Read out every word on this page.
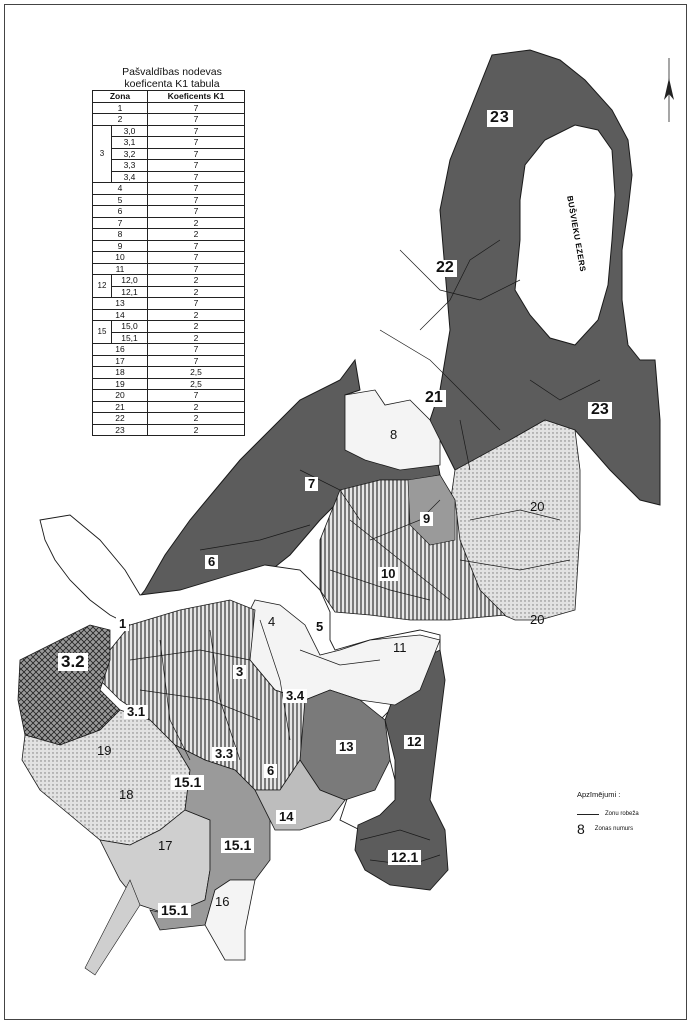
Pašvaldības nodevas
koeficenta K1 tabula
Zona		Koeficents K1
1		7
2		7
3	3,0	7
	3,1	7
	3,2	7
	3,3	7
	3,4	7
4		7
5		7
6		7
7		2
8		2
9		7
10		7
11		7
12	12,0	2
	12,1	2
13		7
14		2
15	15,0	2
	15,1	2
16		7
17		7
18		2,5
19		2,5
20		7
21		2
22		2
23		2
23
22
21
23
8
7
9
20
6
10
20
1	4	5
11
3.2
3
3.4
3.1
12
13
19	3.3
6
15.1
18
14
15.1
17
12.1
16
15.1
BUŠVIEKU EZERS
Apzīmējumi :
Zonu robeža
8 Zonas numurs
